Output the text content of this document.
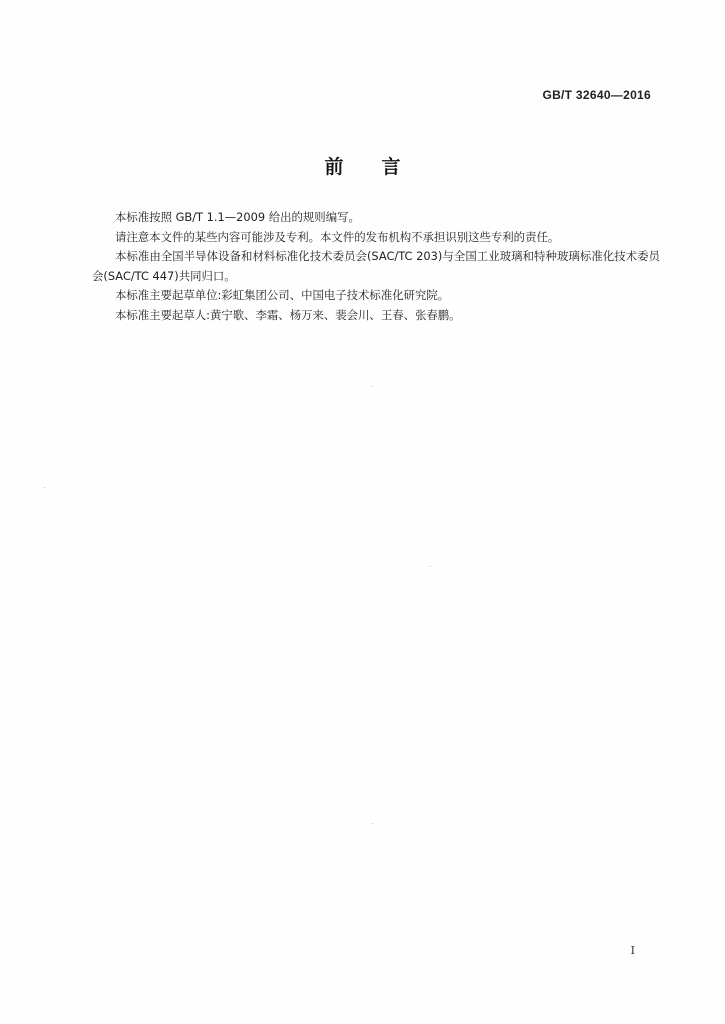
GB/T 32640—2016
前言

本标准按照 GB/T 1.1—2009 给出的规则编写。

请注意本文件的某些内容可能涉及专利。本文件的发布机构不承担识别这些专利的责任。

本标准由全国半导体设备和材料标准化技术委员会(SAC/TC 203)与全国工业玻璃和特种玻璃标准化技术委员会(SAC/TC 447)共同归口。

本标准主要起草单位:彩虹集团公司、中国电子技术标准化研究院。

本标准主要起草人:黄宁歌、李霜、杨万来、裴会川、王春、张春鹏。

I
